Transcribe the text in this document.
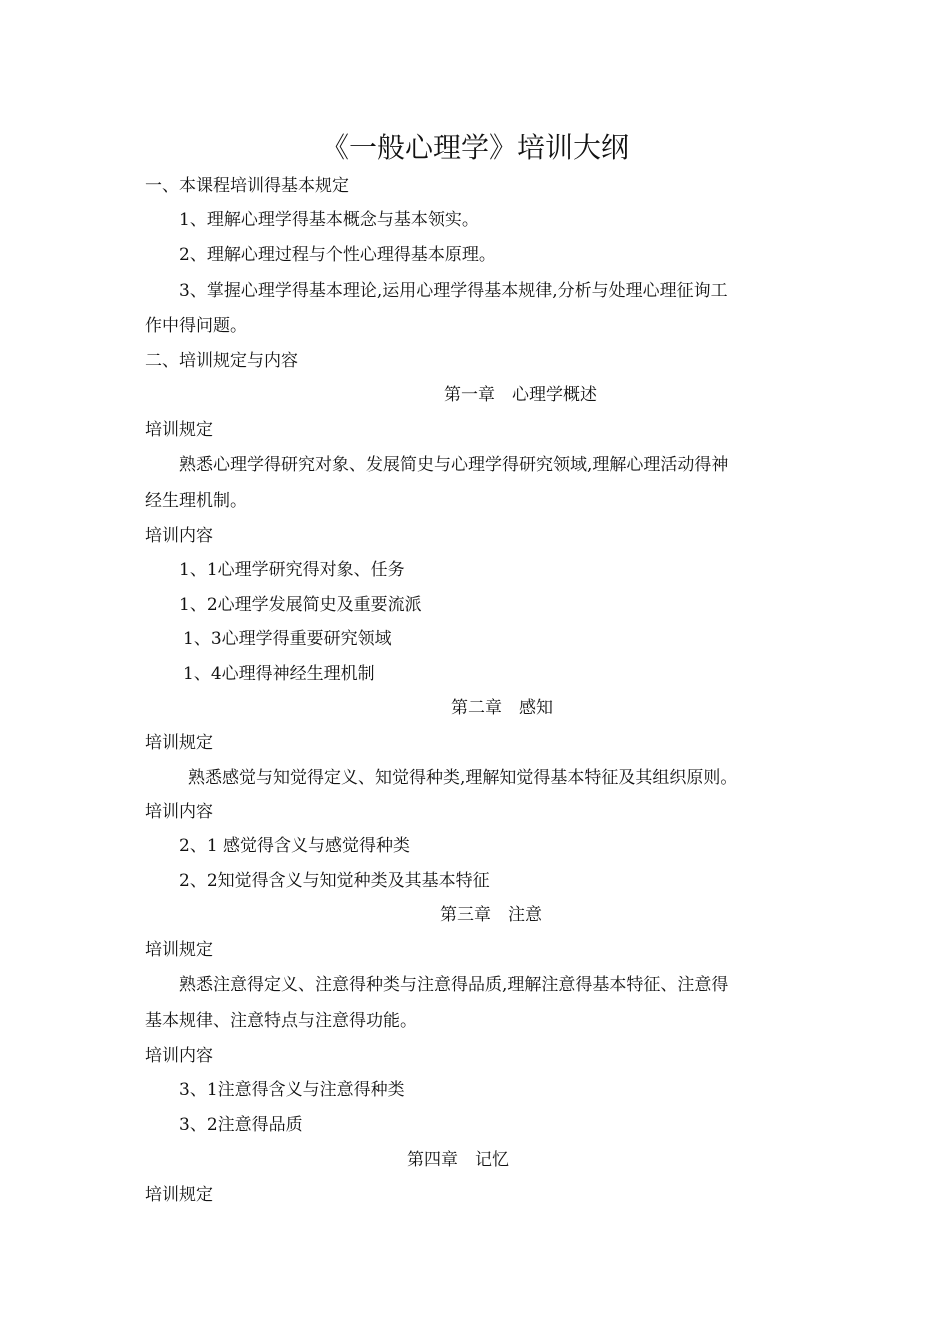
《一般心理学》培训大纲
一、本课程培训得基本规定
1、理解心理学得基本概念与基本领实。
2、理解心理过程与个性心理得基本原理。
3、掌握心理学得基本理论,运用心理学得基本规律,分析与处理心理征询工
作中得问题。
二、培训规定与内容
第一章　心理学概述
培训规定
熟悉心理学得研究对象、发展简史与心理学得研究领域,理解心理活动得神
经生理机制。
培训内容
1、1心理学研究得对象、任务
1、2心理学发展简史及重要流派
1、3心理学得重要研究领域
1、4心理得神经生理机制
第二章　感知
培训规定
熟悉感觉与知觉得定义、知觉得种类,理解知觉得基本特征及其组织原则。
培训内容
2、1 感觉得含义与感觉得种类
2、2知觉得含义与知觉种类及其基本特征
第三章　注意
培训规定
熟悉注意得定义、注意得种类与注意得品质,理解注意得基本特征、注意得
基本规律、注意特点与注意得功能。
培训内容
3、1注意得含义与注意得种类
3、2注意得品质
第四章　记忆
培训规定
